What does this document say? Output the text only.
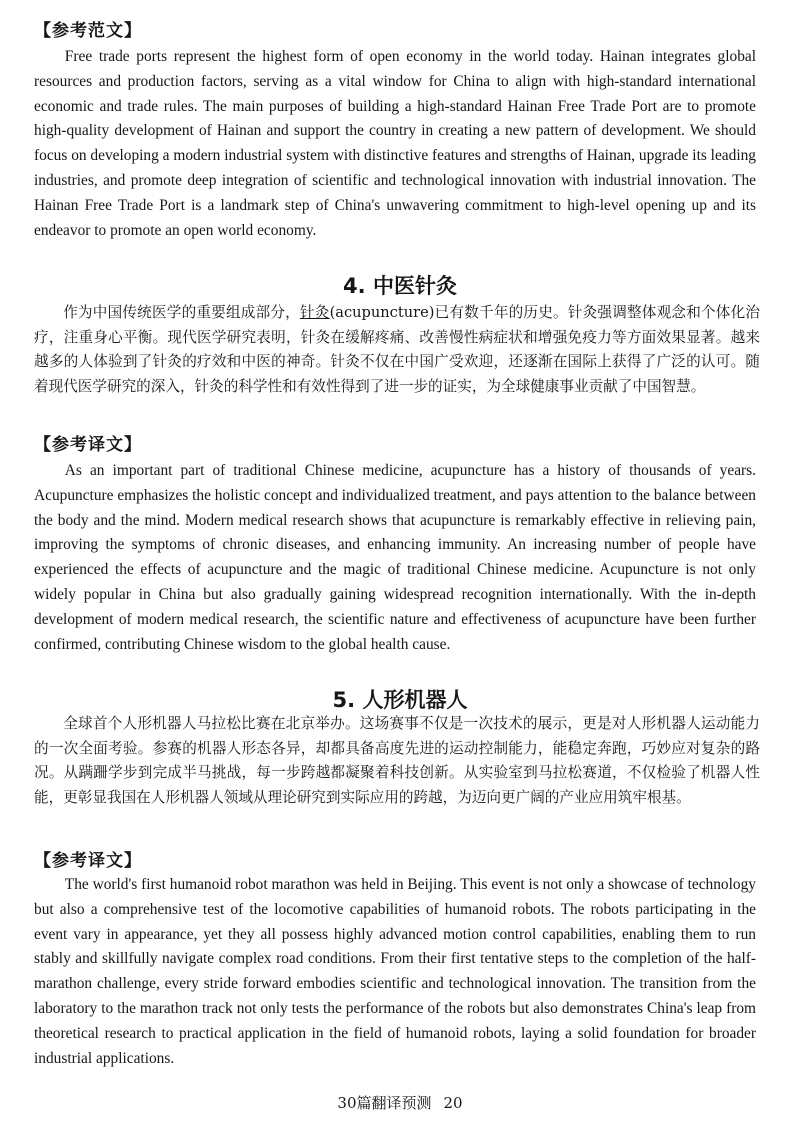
【参考范文】

Free trade ports represent the highest form of open economy in the world today. Hainan integrates global resources and production factors, serving as a vital window for China to align with high-standard international economic and trade rules. The main purposes of building a high-standard Hainan Free Trade Port are to promote high-quality development of Hainan and support the country in creating a new pattern of development. We should focus on developing a modern industrial system with distinctive features and strengths of Hainan, upgrade its leading industries, and promote deep integration of scientific and technological innovation with industrial innovation. The Hainan Free Trade Port is a landmark step of China's unwavering commitment to high-level opening up and its endeavor to promote an open world economy.

4. 中医针灸

作为中国传统医学的重要组成部分，针灸(acupuncture)已有数千年的历史。针灸强调整体观念和个体化治疗，注重身心平衡。现代医学研究表明，针灸在缓解疼痛、改善慢性病症状和增强免疫力等方面效果显著。越来越多的人体验到了针灸的疗效和中医的神奇。针灸不仅在中国广受欢迎，还逐渐在国际上获得了广泛的认可。随着现代医学研究的深入，针灸的科学性和有效性得到了进一步的证实，为全球健康事业贡献了中国智慧。

【参考译文】

As an important part of traditional Chinese medicine, acupuncture has a history of thousands of years. Acupuncture emphasizes the holistic concept and individualized treatment, and pays attention to the balance between the body and the mind. Modern medical research shows that acupuncture is remarkably effective in relieving pain, improving the symptoms of chronic diseases, and enhancing immunity. An increasing number of people have experienced the effects of acupuncture and the magic of traditional Chinese medicine. Acupuncture is not only widely popular in China but also gradually gaining widespread recognition internationally. With the in-depth development of modern medical research, the scientific nature and effectiveness of acupuncture have been further confirmed, contributing Chinese wisdom to the global health cause.

5. 人形机器人

全球首个人形机器人马拉松比赛在北京举办。这场赛事不仅是一次技术的展示，更是对人形机器人运动能力的一次全面考验。参赛的机器人形态各异，却都具备高度先进的运动控制能力，能稳定奔跑，巧妙应对复杂的路况。从蹒跚学步到完成半马挑战，每一步跨越都凝聚着科技创新。从实验室到马拉松赛道，不仅检验了机器人性能，更彰显我国在人形机器人领域从理论研究到实际应用的跨越，为迈向更广阔的产业应用筑牢根基。

【参考译文】

The world's first humanoid robot marathon was held in Beijing. This event is not only a showcase of technology but also a comprehensive test of the locomotive capabilities of humanoid robots. The robots participating in the event vary in appearance, yet they all possess highly advanced motion control capabilities, enabling them to run stably and skillfully navigate complex road conditions. From their first tentative steps to the completion of the half-marathon challenge, every stride forward embodies scientific and technological innovation. The transition from the laboratory to the marathon track not only tests the performance of the robots but also demonstrates China's leap from theoretical research to practical application in the field of humanoid robots, laying a solid foundation for broader industrial applications.

30篇翻译预测 20
